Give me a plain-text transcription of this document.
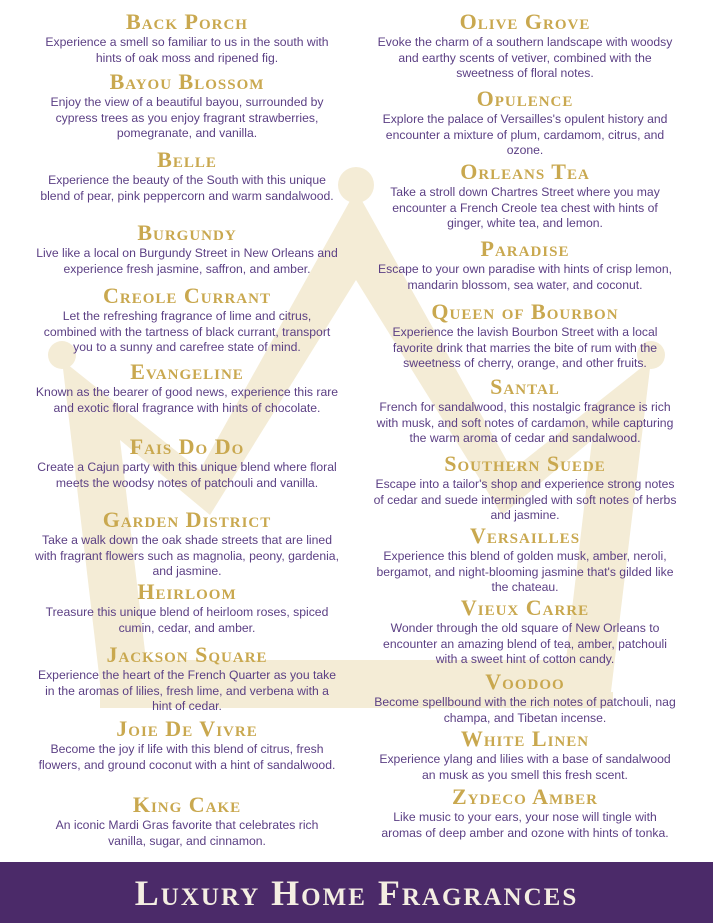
Back Porch
Experience a smell so familiar to us in the south with hints of oak moss and ripened fig.
Bayou Blossom
Enjoy the view of a beautiful bayou, surrounded by cypress trees as you enjoy fragrant strawberries, pomegranate, and vanilla.
Belle
Experience the beauty of the South with this unique blend of pear, pink peppercorn and warm sandalwood.
Burgundy
Live like a local on Burgundy Street in New Orleans and experience fresh jasmine, saffron, and amber.
Creole Currant
Let the refreshing fragrance of lime and citrus, combined with the tartness of black currant, transport you to a sunny and carefree state of mind.
Evangeline
Known as the bearer of good news, experience this rare and exotic floral fragrance with hints of chocolate.
Fais Do Do
Create a Cajun party with this unique blend where floral meets the woodsy notes of patchouli and vanilla.
Garden District
Take a walk down the oak shade streets that are lined with fragrant flowers such as magnolia, peony, gardenia, and jasmine.
Heirloom
Treasure this unique blend of heirloom roses, spiced cumin, cedar, and amber.
Jackson Square
Experience the heart of the French Quarter as you take in the aromas of lilies, fresh lime, and verbena with a hint of cedar.
Joie De Vivre
Become the joy if life with this blend of citrus, fresh flowers, and ground coconut with a hint of sandalwood.
King Cake
An iconic Mardi Gras favorite that celebrates rich vanilla, sugar, and cinnamon.
Olive Grove
Evoke the charm of a southern landscape with woodsy and earthy scents of vetiver, combined with the sweetness of floral notes.
Opulence
Explore the palace of Versailles's opulent history and encounter a mixture of plum, cardamom, citrus, and ozone.
Orleans Tea
Take a stroll down Chartres Street where you may encounter a French Creole tea chest with hints of ginger, white tea, and lemon.
Paradise
Escape to your own paradise with hints of crisp lemon, mandarin blossom, sea water, and coconut.
Queen of Bourbon
Experience the lavish Bourbon Street with a local favorite drink that marries the bite of rum with the sweetness of cherry, orange, and other fruits.
Santal
French for sandalwood, this nostalgic fragrance is rich with musk, and soft notes of cardamon, while capturing the warm aroma of cedar and sandalwood.
Southern Suede
Escape into a tailor's shop and experience strong notes of cedar and suede intermingled with soft notes of herbs and jasmine.
Versailles
Experience this blend of golden musk, amber, neroli, bergamot, and night-blooming jasmine that's gilded like the chateau.
Vieux Carre
Wonder through the old square of New Orleans to encounter an amazing blend of tea, amber, patchouli with a sweet hint of cotton candy.
Voodoo
Become spellbound with the rich notes of patchouli, nag champa, and Tibetan incense.
White Linen
Experience ylang and lilies with a base of sandalwood an musk as you smell this fresh scent.
Zydeco Amber
Like music to your ears, your nose will tingle with aromas of deep amber and ozone with hints of tonka.
Luxury Home Fragrances
